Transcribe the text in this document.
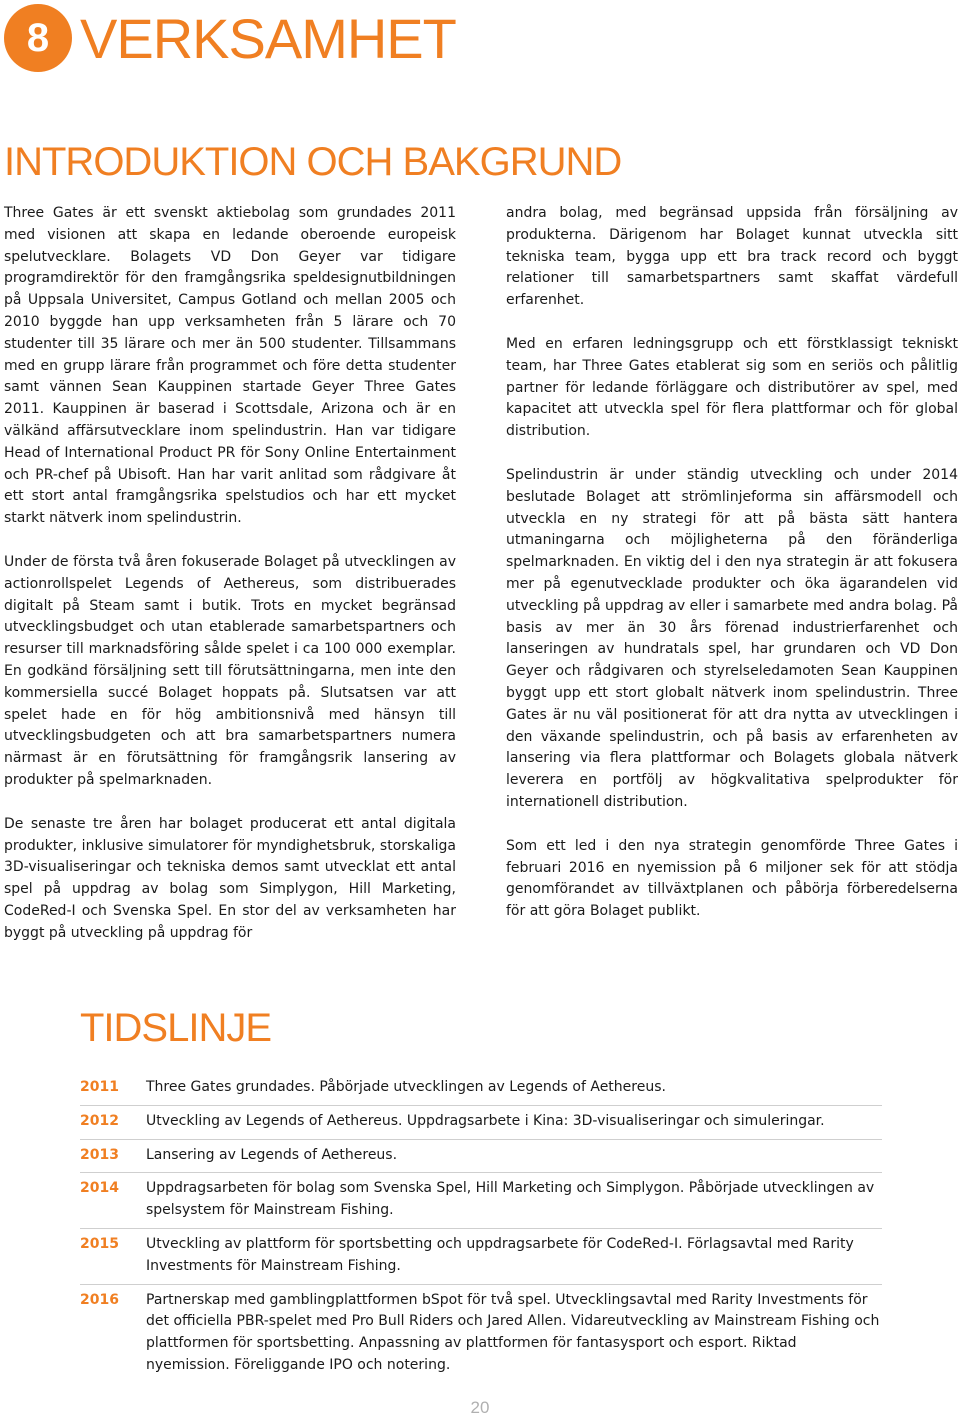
8 VERKSAMHET
INTRODUKTION OCH BAKGRUND

Three Gates är ett svenskt aktiebolag som grundades 2011 med visionen att skapa en ledande oberoende europeisk spelutvecklare. Bolagets VD Don Geyer var tidigare programdirektör för den framgångsrika speldesignutbildningen på Uppsala Universitet, Campus Gotland och mellan 2005 och 2010 byggde han upp verksamheten från 5 lärare och 70 studenter till 35 lärare och mer än 500 studenter. Tillsammans med en grupp lärare från programmet och före detta studenter samt vännen Sean Kauppinen startade Geyer Three Gates 2011. Kauppinen är baserad i Scottsdale, Arizona och är en välkänd affärsutvecklare inom spelindustrin. Han var tidigare Head of International Product PR för Sony Online Entertainment och PR-chef på Ubisoft. Han har varit anlitad som rådgivare åt ett stort antal framgångsrika spelstudios och har ett mycket starkt nätverk inom spelindustrin.

Under de första två åren fokuserade Bolaget på utvecklingen av actionrollspelet Legends of Aethereus, som distribuerades digitalt på Steam samt i butik. Trots en mycket begränsad utvecklingsbudget och utan etablerade samarbetspartners och resurser till marknadsföring sålde spelet i ca 100 000 exemplar. En godkänd försäljning sett till förutsättningarna, men inte den kommersiella succé Bolaget hoppats på. Slutsatsen var att spelet hade en för hög ambitionsnivå med hänsyn till utvecklingsbudgeten och att bra samarbetspartners numera närmast är en förutsättning för framgångsrik lansering av produkter på spelmarknaden.

De senaste tre åren har bolaget producerat ett antal digitala produkter, inklusive simulatorer för myndighetsbruk, storskaliga 3D-visualiseringar och tekniska demos samt utvecklat ett antal spel på uppdrag av bolag som Simplygon, Hill Marketing, CodeRed-I och Svenska Spel. En stor del av verksamheten har byggt på utveckling på uppdrag för

andra bolag, med begränsad uppsida från försäljning av produkterna. Därigenom har Bolaget kunnat utveckla sitt tekniska team, bygga upp ett bra track record och byggt relationer till samarbetspartners samt skaffat värdefull erfarenhet.

Med en erfaren ledningsgrupp och ett förstklassigt tekniskt team, har Three Gates etablerat sig som en seriös och pålitlig partner för ledande förläggare och distributörer av spel, med kapacitet att utveckla spel för flera plattformar och för global distribution.

Spelindustrin är under ständig utveckling och under 2014 beslutade Bolaget att strömlinjeforma sin affärsmodell och utveckla en ny strategi för att på bästa sätt hantera utmaningarna och möjligheterna på den föränderliga spelmarknaden. En viktig del i den nya strategin är att fokusera mer på egenutvecklade produkter och öka ägarandelen vid utveckling på uppdrag av eller i samarbete med andra bolag. På basis av mer än 30 års förenad industrierfarenhet och lanseringen av hundratals spel, har grundaren och VD Don Geyer och rådgivaren och styrelseledamoten Sean Kauppinen byggt upp ett stort globalt nätverk inom spelindustrin. Three Gates är nu väl positionerat för att dra nytta av utvecklingen i den växande spelindustrin, och på basis av erfarenheten av lansering via flera plattformar och Bolagets globala nätverk leverera en portfölj av högkvalitativa spelprodukter för internationell distribution.

Som ett led i den nya strategin genomförde Three Gates i februari 2016 en nyemission på 6 miljoner sek för att stödja genomförandet av tillväxtplanen och påbörja förberedelserna för att göra Bolaget publikt.

TIDSLINJE
2011	Three Gates grundades. Påbörjade utvecklingen av Legends of Aethereus.
2012	Utveckling av Legends of Aethereus. Uppdragsarbete i Kina: 3D-visualiseringar och simuleringar.
2013	Lansering av Legends of Aethereus.
2014	Uppdragsarbeten för bolag som Svenska Spel, Hill Marketing och Simplygon. Påbörjade utvecklingen av spelsystem för Mainstream Fishing.
2015	Utveckling av plattform för sportsbetting och uppdragsarbete för CodeRed-I. Förlagsavtal med Rarity Investments för Mainstream Fishing.
2016	Partnerskap med gamblingplattformen bSpot för två spel. Utvecklingsavtal med Rarity Investments för det officiella PBR-spelet med Pro Bull Riders och Jared Allen. Vidareutveckling av Mainstream Fishing och plattformen för sportsbetting. Anpassning av plattformen för fantasysport och esport. Riktad nyemission. Föreliggande IPO och notering.
20
